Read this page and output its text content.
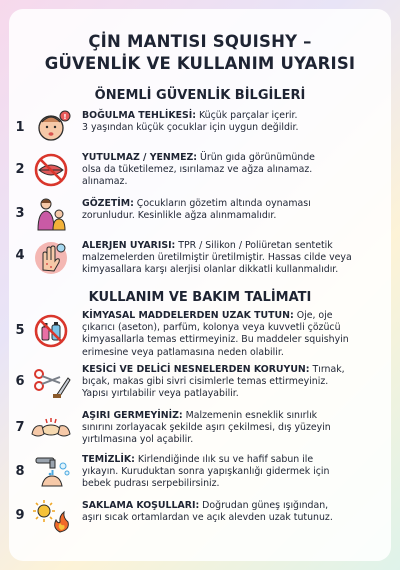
ÇİN MANTISI SQUISHY –
GÜVENLİK VE KULLANIM UYARISI
ÖNEMLİ GÜVENLİK BİLGİLERİ
1
! BOĞULMA TEHLİKESİ: Küçük parçalar içerir.
3 yaşından küçük çocuklar için uygun değildir.
2
YUTULMAZ / YENMEZ: Ürün gıda görünümünde
olsa da tüketilemez, ısırılamaz ve ağza alınamaz.
alınamaz.
3
GÖZETİM: Çocukların gözetim altında oynaması
zorunludur. Kesinlikle ağza alınmamalıdır.
4
ALERJEN UYARISI: TPR / Silikon / Poliüretan sentetik
malzemelerden üretilmiştir üretilmiştir. Hassas cilde veya
kimyasallara karşı alerjisi olanlar dikkatli kullanmalıdır.
KULLANIM VE BAKIM TALİMATI
5
KİMYASAL MADDELERDEN UZAK TUTUN: Oje, oje
çıkarıcı (aseton), parfüm, kolonya veya kuvvetli çözücü
kimyasallarla temas ettirmeyiniz. Bu maddeler squishyin
erimesine veya patlamasına neden olabilir.
6
KESİCİ VE DELİCİ NESNELERDEN KORUYUN: Tırnak,
bıçak, makas gibi sivri cisimlerle temas ettirmeyiniz.
Yapısı yırtılabilir veya patlayabilir.
7
AŞIRI GERMEYİNİZ: Malzemenin esneklik sınırlık
sınırını zorlayacak şekilde aşırı çekilmesi, dış yüzeyin
yırtılmasına yol açabilir.
8
TEMİZLİK: Kirlendiğinde ılık su ve hafif sabun ile
yıkayın. Kuruduktan sonra yapışkanlığı gidermek için
bebek pudrası serpebilirsiniz.
9
SAKLAMA KOŞULLARI: Doğrudan güneş ışığından,
aşırı sıcak ortamlardan ve açık alevden uzak tutunuz.
